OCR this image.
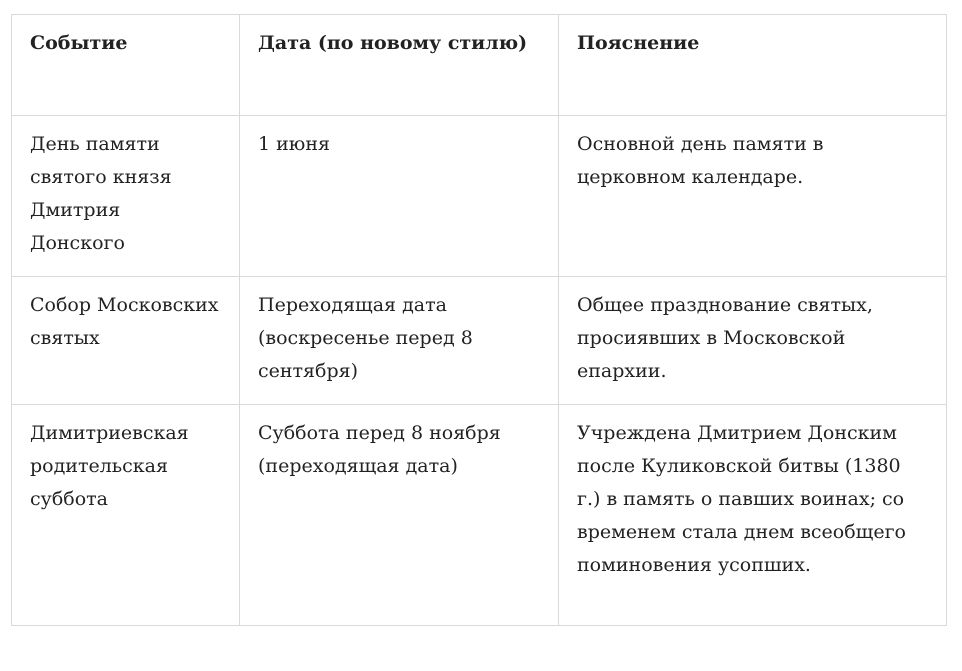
Событие	Дата (по новому стилю)	Пояснение

День памяти святого князя Дмитрия Донского	1 июня	Основной день памяти в церковном календаре.

Собор Московских святых	Переходящая дата (воскресенье перед 8 сентября)	Общее празднование святых, просиявших в Московской епархии.

Димитриевская родительская суббота	Суббота перед 8 ноября (переходящая дата)	Учреждена Дмитрием Донским после Куликовской битвы (1380 г.) в память о павших воинах; со временем стала днем всеобщего поминовения усопших.
